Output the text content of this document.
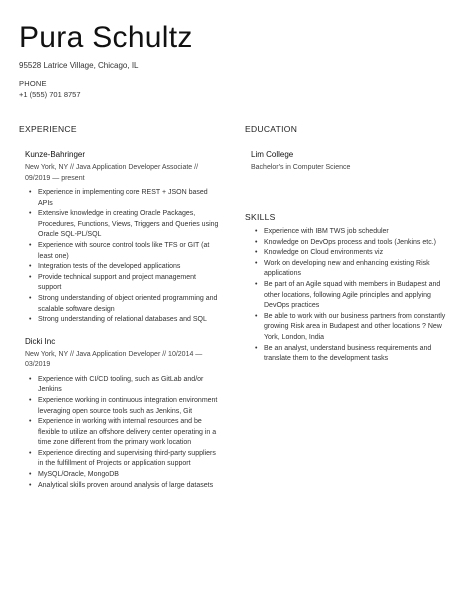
Pura Schultz
95528 Latrice Village, Chicago, IL
PHONE
+1 (555) 701 8757
EXPERIENCE
Kunze-Bahringer
New York, NY // Java Application Developer Associate // 09/2019 — present
• Experience in implementing core REST + JSON based APIs
• Extensive knowledge in creating Oracle Packages, Procedures, Functions, Views, Triggers and Queries using Oracle SQL-PL/SQL
• Experience with source control tools like TFS or GIT (at least one)
• Integration tests of the developed applications
• Provide technical support and project management support
• Strong understanding of object oriented programming and scalable software design
• Strong understanding of relational databases and SQL
Dicki Inc
New York, NY // Java Application Developer // 10/2014 — 03/2019
• Experience with CI/CD tooling, such as GitLab and/or Jenkins
• Experience working in continuous integration environment leveraging open source tools such as Jenkins, Git
• Experience in working with internal resources and be flexible to utilize an offshore delivery center operating in a time zone different from the primary work location
• Experience directing and supervising third-party suppliers in the fulfillment of Projects or application support
• MySQL/Oracle, MongoDB
• Analytical skills proven around analysis of large datasets
EDUCATION
Lim College
Bachelor's in Computer Science
SKILLS
• Experience with IBM TWS job scheduler
• Knowledge on DevOps process and tools (Jenkins etc.)
• Knowledge on Cloud environments viz
• Work on developing new and enhancing existing Risk applications
• Be part of an Agile squad with members in Budapest and other locations, following Agile principles and applying DevOps practices
• Be able to work with our business partners from constantly growing Risk area in Budapest and other locations ? New York, London, India
• Be an analyst, understand business requirements and translate them to the development tasks
